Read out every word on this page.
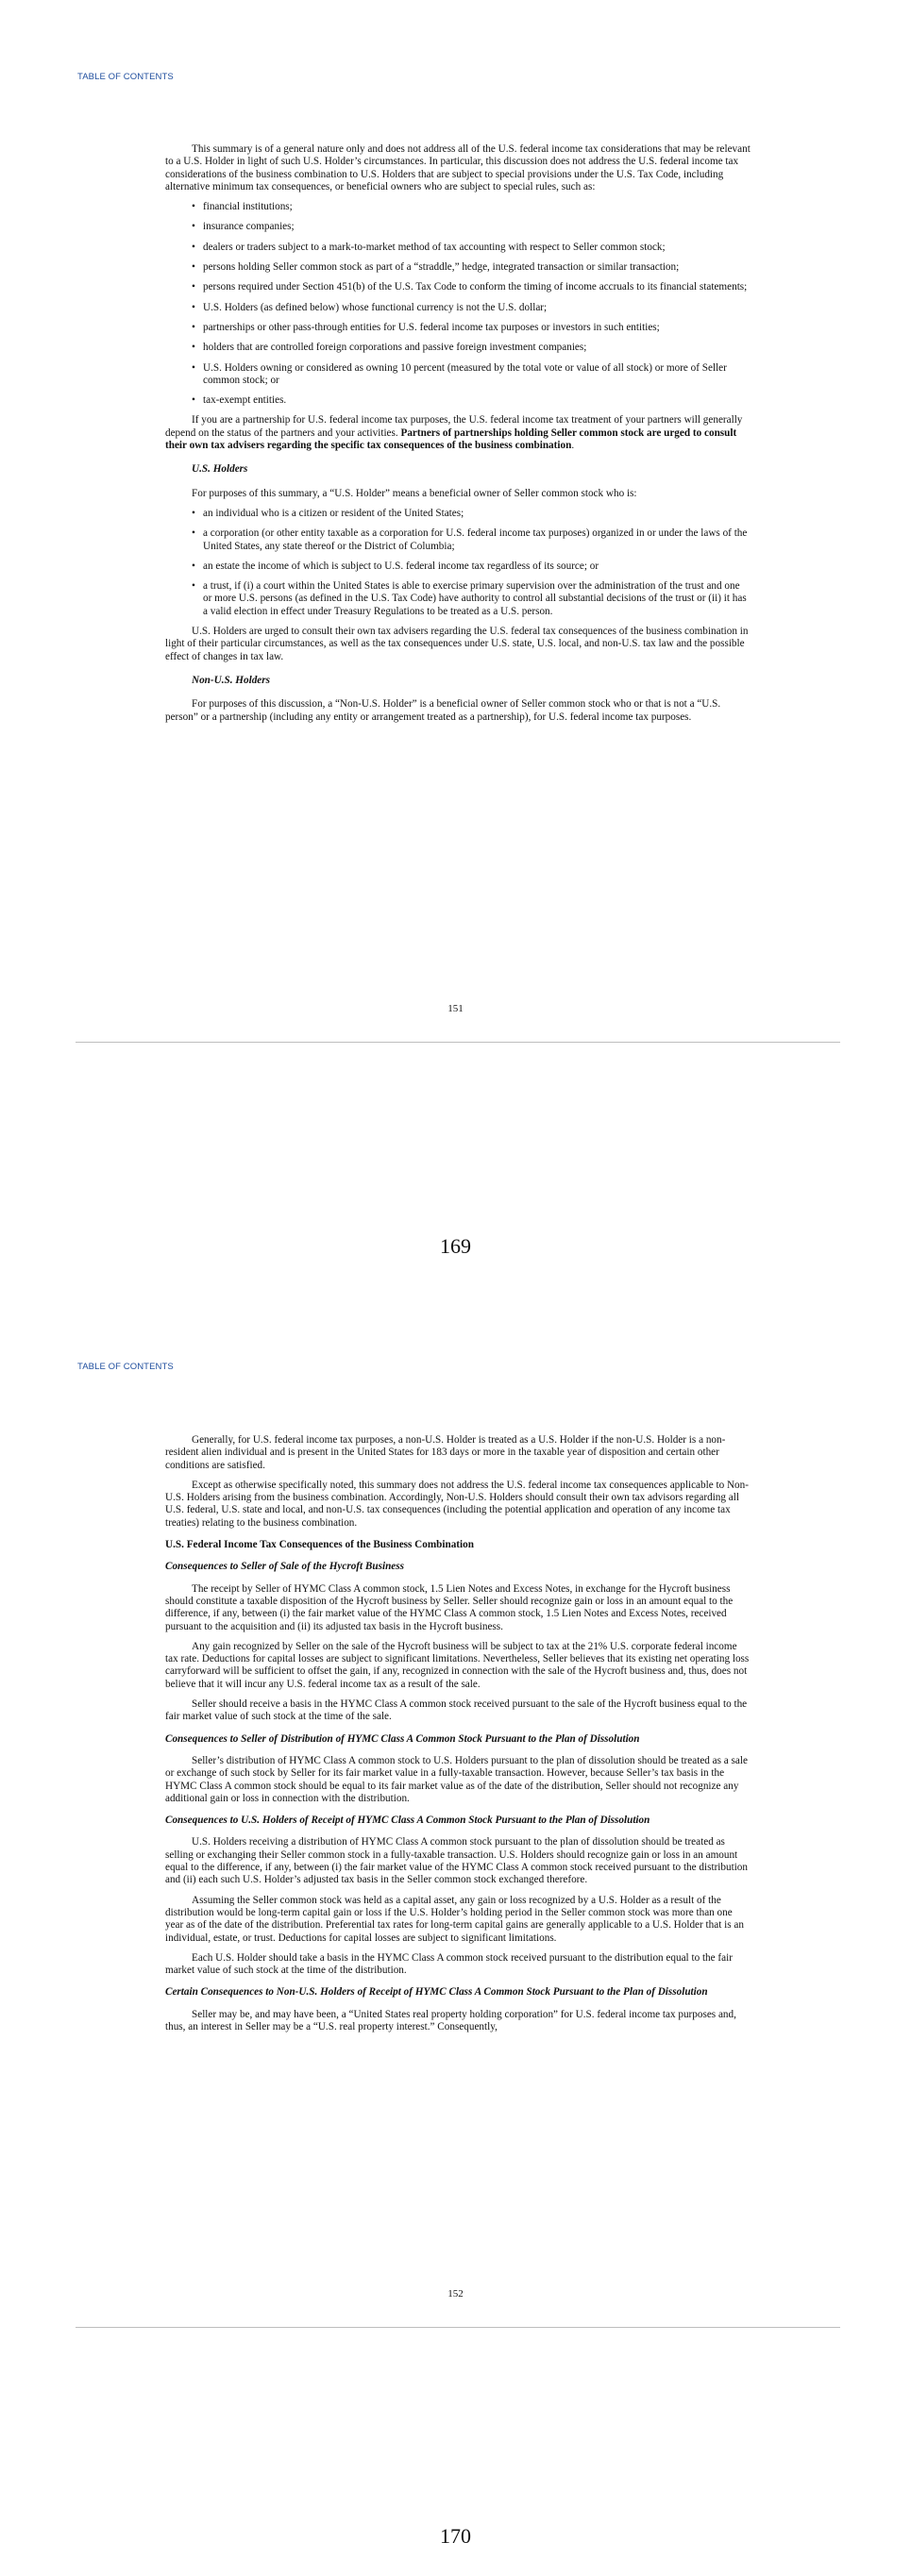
TABLE OF CONTENTS

This summary is of a general nature only and does not address all of the U.S. federal income tax considerations that may be relevant to a U.S. Holder in light of such U.S. Holder’s circumstances. In particular, this discussion does not address the U.S. federal income tax considerations of the business combination to U.S. Holders that are subject to special provisions under the U.S. Tax Code, including alternative minimum tax consequences, or beneficial owners who are subject to special rules, such as:

• financial institutions;
• insurance companies;
• dealers or traders subject to a mark-to-market method of tax accounting with respect to Seller common stock;
• persons holding Seller common stock as part of a “straddle,” hedge, integrated transaction or similar transaction;
• persons required under Section 451(b) of the U.S. Tax Code to conform the timing of income accruals to its financial statements;
• U.S. Holders (as defined below) whose functional currency is not the U.S. dollar;
• partnerships or other pass-through entities for U.S. federal income tax purposes or investors in such entities;
• holders that are controlled foreign corporations and passive foreign investment companies;
• U.S. Holders owning or considered as owning 10 percent (measured by the total vote or value of all stock) or more of Seller common stock; or
• tax-exempt entities.

If you are a partnership for U.S. federal income tax purposes, the U.S. federal income tax treatment of your partners will generally depend on the status of the partners and your activities. Partners of partnerships holding Seller common stock are urged to consult their own tax advisers regarding the specific tax consequences of the business combination.

U.S. Holders

For purposes of this summary, a “U.S. Holder” means a beneficial owner of Seller common stock who is:

• an individual who is a citizen or resident of the United States;
• a corporation (or other entity taxable as a corporation for U.S. federal income tax purposes) organized in or under the laws of the United States, any state thereof or the District of Columbia;
• an estate the income of which is subject to U.S. federal income tax regardless of its source; or
• a trust, if (i) a court within the United States is able to exercise primary supervision over the administration of the trust and one or more U.S. persons (as defined in the U.S. Tax Code) have authority to control all substantial decisions of the trust or (ii) it has a valid election in effect under Treasury Regulations to be treated as a U.S. person.

U.S. Holders are urged to consult their own tax advisers regarding the U.S. federal tax consequences of the business combination in light of their particular circumstances, as well as the tax consequences under U.S. state, U.S. local, and non-U.S. tax law and the possible effect of changes in tax law.

Non-U.S. Holders

For purposes of this discussion, a “Non-U.S. Holder” is a beneficial owner of Seller common stock who or that is not a “U.S. person” or a partnership (including any entity or arrangement treated as a partnership), for U.S. federal income tax purposes.

151
169
TABLE OF CONTENTS

Generally, for U.S. federal income tax purposes, a non-U.S. Holder is treated as a U.S. Holder if the non-U.S. Holder is a non-resident alien individual and is present in the United States for 183 days or more in the taxable year of disposition and certain other conditions are satisfied.

Except as otherwise specifically noted, this summary does not address the U.S. federal income tax consequences applicable to Non-U.S. Holders arising from the business combination. Accordingly, Non-U.S. Holders should consult their own tax advisors regarding all U.S. federal, U.S. state and local, and non-U.S. tax consequences (including the potential application and operation of any income tax treaties) relating to the business combination.

U.S. Federal Income Tax Consequences of the Business Combination
Consequences to Seller of Sale of the Hycroft Business

The receipt by Seller of HYMC Class A common stock, 1.5 Lien Notes and Excess Notes, in exchange for the Hycroft business should constitute a taxable disposition of the Hycroft business by Seller. Seller should recognize gain or loss in an amount equal to the difference, if any, between (i) the fair market value of the HYMC Class A common stock, 1.5 Lien Notes and Excess Notes, received pursuant to the acquisition and (ii) its adjusted tax basis in the Hycroft business.

Any gain recognized by Seller on the sale of the Hycroft business will be subject to tax at the 21% U.S. corporate federal income tax rate. Deductions for capital losses are subject to significant limitations. Nevertheless, Seller believes that its existing net operating loss carryforward will be sufficient to offset the gain, if any, recognized in connection with the sale of the Hycroft business and, thus, does not believe that it will incur any U.S. federal income tax as a result of the sale.

Seller should receive a basis in the HYMC Class A common stock received pursuant to the sale of the Hycroft business equal to the fair market value of such stock at the time of the sale.

Consequences to Seller of Distribution of HYMC Class A Common Stock Pursuant to the Plan of Dissolution

Seller’s distribution of HYMC Class A common stock to U.S. Holders pursuant to the plan of dissolution should be treated as a sale or exchange of such stock by Seller for its fair market value in a fully-taxable transaction. However, because Seller’s tax basis in the HYMC Class A common stock should be equal to its fair market value as of the date of the distribution, Seller should not recognize any additional gain or loss in connection with the distribution.

Consequences to U.S. Holders of Receipt of HYMC Class A Common Stock Pursuant to the Plan of Dissolution

U.S. Holders receiving a distribution of HYMC Class A common stock pursuant to the plan of dissolution should be treated as selling or exchanging their Seller common stock in a fully-taxable transaction. U.S. Holders should recognize gain or loss in an amount equal to the difference, if any, between (i) the fair market value of the HYMC Class A common stock received pursuant to the distribution and (ii) each such U.S. Holder’s adjusted tax basis in the Seller common stock exchanged therefore.

Assuming the Seller common stock was held as a capital asset, any gain or loss recognized by a U.S. Holder as a result of the distribution would be long-term capital gain or loss if the U.S. Holder’s holding period in the Seller common stock was more than one year as of the date of the distribution. Preferential tax rates for long-term capital gains are generally applicable to a U.S. Holder that is an individual, estate, or trust. Deductions for capital losses are subject to significant limitations.

Each U.S. Holder should take a basis in the HYMC Class A common stock received pursuant to the distribution equal to the fair market value of such stock at the time of the distribution.

Certain Consequences to Non-U.S. Holders of Receipt of HYMC Class A Common Stock Pursuant to the Plan of Dissolution

Seller may be, and may have been, a “United States real property holding corporation” for U.S. federal income tax purposes and, thus, an interest in Seller may be a “U.S. real property interest.” Consequently,

152
170
